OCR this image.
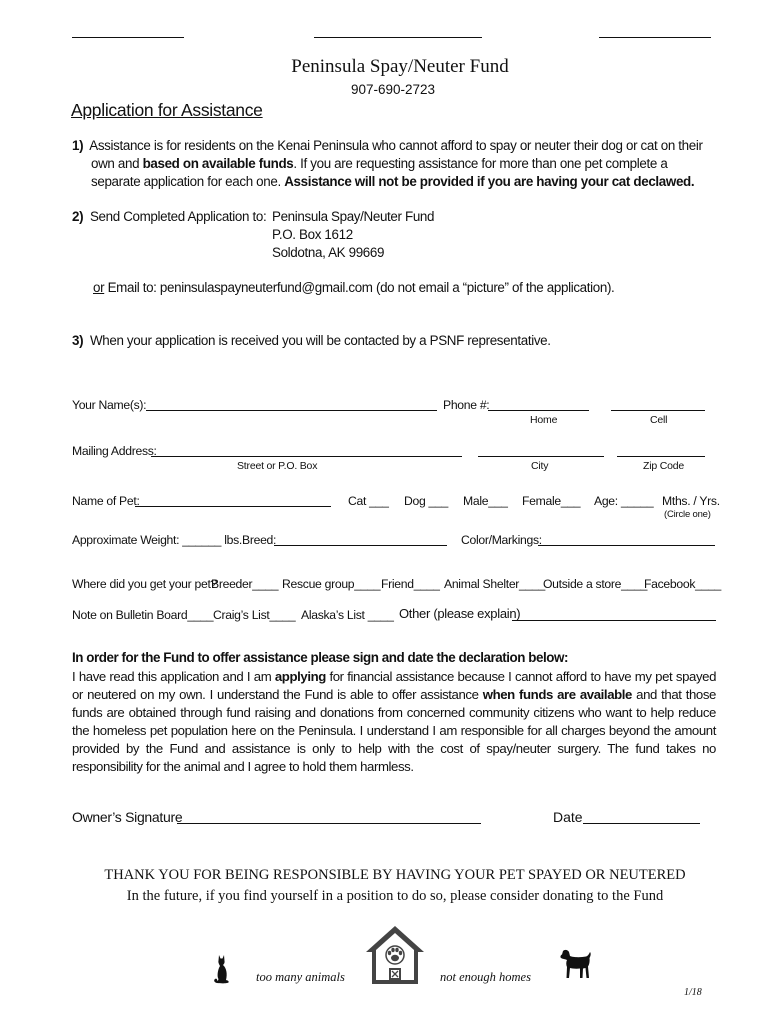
Peninsula Spay/Neuter Fund
907-690-2723
Application for Assistance
1) Assistance is for residents on the Kenai Peninsula who cannot afford to spay or neuter their dog or cat on their
own and based on available funds. If you are requesting assistance for more than one pet complete a
separate application for each one. Assistance will not be provided if you are having your cat declawed.
2) Send Completed Application to: Peninsula Spay/Neuter Fund
P.O. Box 1612
Soldotna, AK 99669
or Email to: peninsulaspayneuterfund@gmail.com (do not email a “picture” of the application).
3) When your application is received you will be contacted by a PSNF representative.
Your Name(s):	Phone #:
Home	Cell
Mailing Address:
Street or P.O. Box	City	Zip Code
Name of Pet:	Cat ___ Dog ___ Male___ Female___ Age: _____ Mths. / Yrs.
(Circle one)
Approximate Weight: ______ lbs. Breed:	Color/Markings:
Where did you get your pet?
Breeder____ Rescue group____ Friend____ Animal Shelter____
Outside a store____
Facebook____
Note on Bulletin Board____ Craig’s List____ Alaska’s List ____ Other (please explain)
In order for the Fund to offer assistance please sign and date the declaration below:
I have read this application and I am applying for financial assistance because I cannot afford to have my pet spayed or neutered on my own. I understand the Fund is able to offer assistance when funds are available and that those funds are obtained through fund raising and donations from concerned community citizens who want to help reduce the homeless pet population here on the Peninsula. I understand I am responsible for all charges beyond the amount provided by the Fund and assistance is only to help with the cost of spay/neuter surgery. The fund takes no responsibility for the animal and I agree to hold them harmless.
Owner’s Signature	Date
THANK YOU FOR BEING RESPONSIBLE BY HAVING YOUR PET SPAYED OR NEUTERED
In the future, if you find yourself in a position to do so, please consider donating to the Fund
too many animals	not enough homes
1/18
